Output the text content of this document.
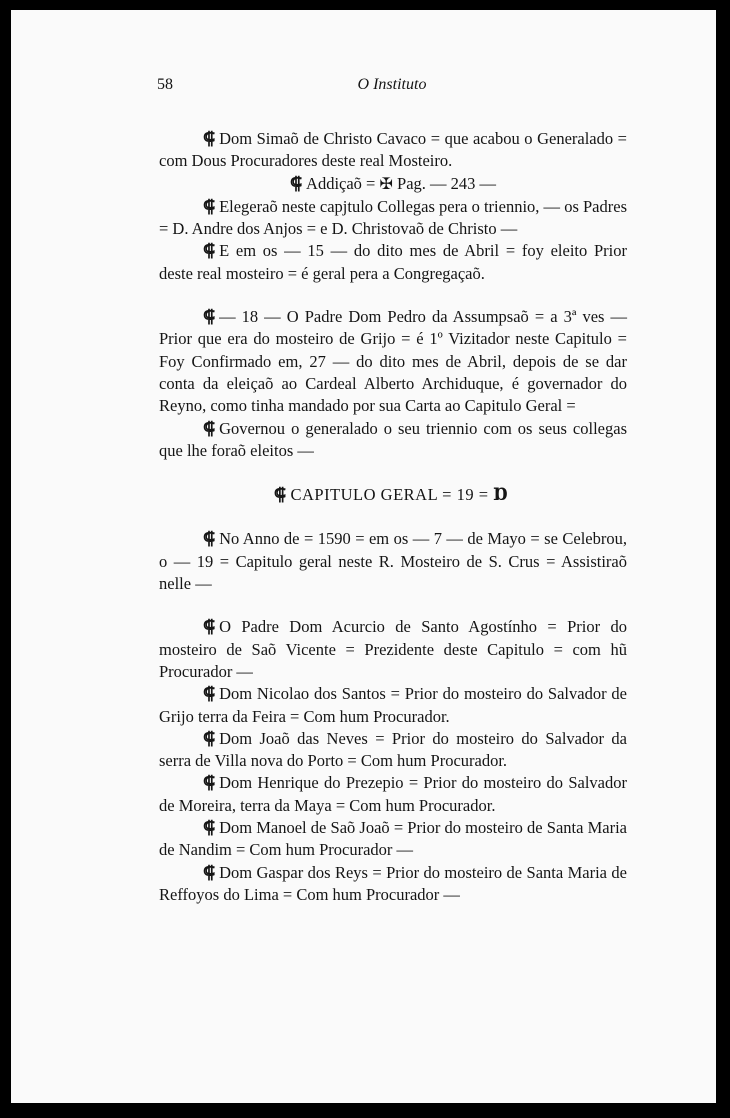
58	O Instituto

⸿ Dom Simaõ de Christo Cavaco = que acabou o Generalado = com Dous Procuradores deste real Mosteiro.

⸿ Addiçaõ = ✠ Pag. — 243 —

⸿ Elegeraõ neste capjtulo Collegas pera o triennio, — os Padres = D. Andre dos Anjos = e D. Christovaõ de Christo —

⸿ E em os — 15 — do dito mes de Abril = foy eleito Prior deste real mosteiro = é geral pera a Congregaçaõ.

⸿ — 18 — O Padre Dom Pedro da Assumpsaõ = a 3ª ves — Prior que era do mosteiro de Grijo = é 1º Vizitador neste Capitulo = Foy Confirmado em, 27 — do dito mes de Abril, depois de se dar conta da eleiçaõ ao Cardeal Alberto Archiduque, é governador do Reyno, como tinha mandado por sua Carta ao Capitulo Geral =

⸿ Governou o generalado o seu triennio com os seus collegas que lhe foraõ eleitos —

⸿ CAPITULO GERAL = 19 = Ɒ

⸿ No Anno de = 1590 = em os — 7 — de Mayo = se Celebrou, o — 19 = Capitulo geral neste R. Mosteiro de S. Crus = Assistiraõ nelle —

⸿ O Padre Dom Acurcio de Santo Agostínho = Prior do mosteiro de Saõ Vicente = Prezidente deste Capitulo = com hũ Procurador —

⸿ Dom Nicolao dos Santos = Prior do mosteiro do Salvador de Grijo terra da Feira = Com hum Procurador.

⸿ Dom Joaõ das Neves = Prior do mosteiro do Salvador da serra de Villa nova do Porto = Com hum Procurador.

⸿ Dom Henrique do Prezepio = Prior do mosteiro do Salvador de Moreira, terra da Maya = Com hum Procurador.

⸿ Dom Manoel de Saõ Joaõ = Prior do mosteiro de Santa Maria de Nandim = Com hum Procurador —

⸿ Dom Gaspar dos Reys = Prior do mosteiro de Santa Maria de Reffoyos do Lima = Com hum Procurador —
